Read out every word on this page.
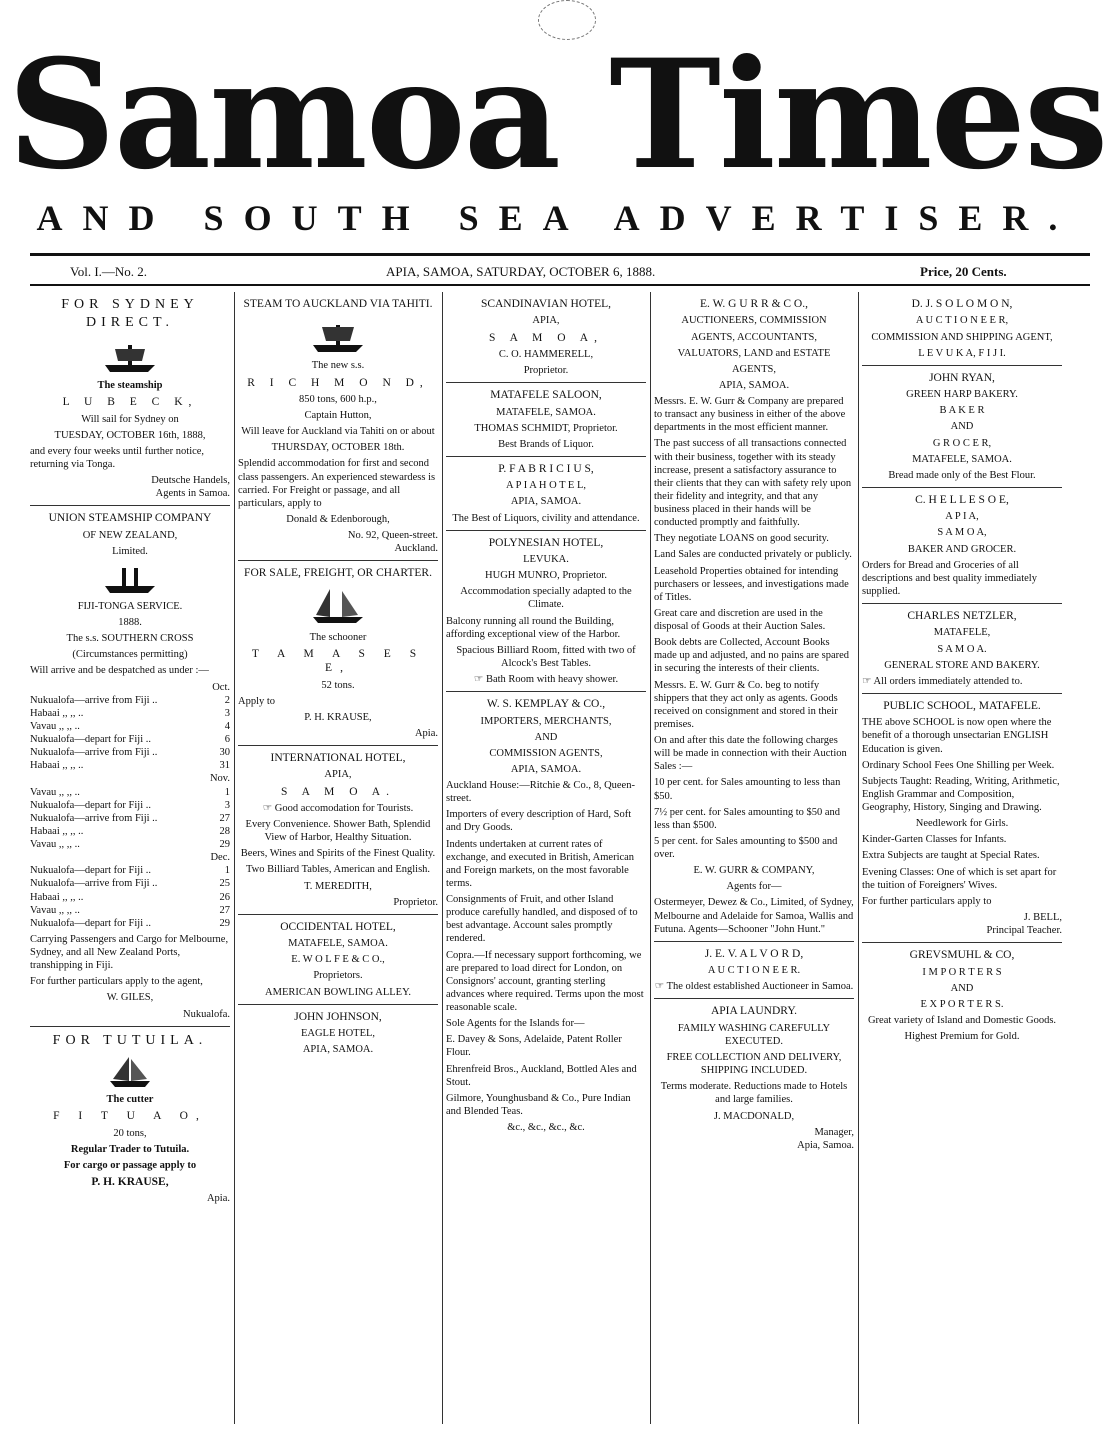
Samoa Times
AND SOUTH SEA ADVERTISER.
Vol. I.—No. 2.	APIA, SAMOA, SATURDAY, OCTOBER 6, 1888.	Price, 20 Cents.
FOR SYDNEY DIRECT.
The steamship
L U B E C K,
Will sail for Sydney on
TUESDAY, OCTOBER 16th, 1888,

and every four weeks until further notice, returning via Tonga.

Deutsche Handels,
Agents in Samoa.
UNION STEAMSHIP COMPANY
OF NEW ZEALAND,
Limited.
FIJI-TONGA SERVICE.
1888.
The s.s. SOUTHERN CROSS
(Circumstances permitting)

Will arrive and be despatched as under :—

Oct.
Nukualofa—arrive from Fiji ..	2
Habaai ,, ,, ..	3
Vavau ,, ,, ..	4
Nukualofa—depart for Fiji ..	6
Nukualofa—arrive from Fiji ..	30
Habaai ,, ,, ..	31
Nov.
Vavau ,, ,, ..	1
Nukualofa—depart for Fiji ..	3
Nukualofa—arrive from Fiji ..	27
Habaai ,, ,, ..	28
Vavau ,, ,, ..	29
Dec.
Nukualofa—depart for Fiji ..	1
Nukualofa—arrive from Fiji ..	25
Habaai ,, ,, ..	26
Vavau ,, ,, ..	27
Nukualofa—depart for Fiji ..	29

Carrying Passengers and Cargo for Melbourne, Sydney, and all New Zealand Ports, transhipping in Fiji.

For further particulars apply to the agent,

W. GILES,
Nukualofa.
FOR TUTUILA.
The cutter
F I T U A O,
20 tons,
Regular Trader to Tutuila.
For cargo or passage apply to
P. H. KRAUSE,
Apia.
STEAM TO AUCKLAND VIA TAHITI.
The new s.s.
R I C H M O N D,
850 tons, 600 h.p.,
Captain Hutton,
Will leave for Auckland via Tahiti on or about
THURSDAY, OCTOBER 18th.

Splendid accommodation for first and second class passengers. An experienced stewardess is carried. For Freight or passage, and all particulars, apply to

Donald & Edenborough,
No. 92, Queen-street.
Auckland.
FOR SALE, FREIGHT, OR CHARTER.
The schooner
T A M A S E S E,
52 tons.

Apply to

P. H. KRAUSE,
Apia.
INTERNATIONAL HOTEL,
APIA,
S A M O A.
☞ Good accomodation for Tourists.
Every Convenience. Shower Bath, Splendid View of Harbor, Healthy Situation.
Beers, Wines and Spirits of the Finest Quality.
Two Billiard Tables, American and English.
T. MEREDITH,
Proprietor.
OCCIDENTAL HOTEL,
MATAFELE, SAMOA.
E. W O L F E & C O.,
Proprietors.
AMERICAN BOWLING ALLEY.
JOHN JOHNSON,
EAGLE HOTEL,
APIA, SAMOA.
SCANDINAVIAN HOTEL,
APIA,
S A M O A,
C. O. HAMMERELL,
Proprietor.
MATAFELE SALOON,
MATAFELE, SAMOA.
THOMAS SCHMIDT, Proprietor.
Best Brands of Liquor.
P. F A B R I C I U S,
A P I A H O T E L,
APIA, SAMOA.
The Best of Liquors, civility and attendance.
POLYNESIAN HOTEL,
LEVUKA.
HUGH MUNRO, Proprietor.
Accommodation specially adapted to the Climate.
Balcony running all round the Building, affording exceptional view of the Harbor.
Spacious Billiard Room, fitted with two of Alcock's Best Tables.
☞ Bath Room with heavy shower.
W. S. KEMPLAY & CO.,
IMPORTERS, MERCHANTS,
AND
COMMISSION AGENTS,
APIA, SAMOA.

Auckland House:—Ritchie & Co., 8, Queen-street.

Importers of every description of Hard, Soft and Dry Goods.

Indents undertaken at current rates of exchange, and executed in British, American and Foreign markets, on the most favorable terms.

Consignments of Fruit, and other Island produce carefully handled, and disposed of to best advantage. Account sales promptly rendered.

Copra.—If necessary support forthcoming, we are prepared to load direct for London, on Consignors' account, granting sterling advances where required. Terms upon the most reasonable scale.

Sole Agents for the Islands for—

E. Davey & Sons, Adelaide, Patent Roller Flour.

Ehrenfreid Bros., Auckland, Bottled Ales and Stout.

Gilmore, Younghusband & Co., Pure Indian and Blended Teas.

&c., &c., &c., &c.
E. W. G U R R & C O.,
AUCTIONEERS, COMMISSION
AGENTS, ACCOUNTANTS,
VALUATORS, LAND and ESTATE
AGENTS,
APIA, SAMOA.

Messrs. E. W. Gurr & Company are prepared to transact any business in either of the above departments in the most efficient manner.

The past success of all transactions connected with their business, together with its steady increase, present a satisfactory assurance to their clients that they can with safety rely upon their fidelity and integrity, and that any business placed in their hands will be conducted promptly and faithfully.

They negotiate LOANS on good security.

Land Sales are conducted privately or publicly.

Leasehold Properties obtained for intending purchasers or lessees, and investigations made of Titles.

Great care and discretion are used in the disposal of Goods at their Auction Sales.

Book debts are Collected, Account Books made up and adjusted, and no pains are spared in securing the interests of their clients.

Messrs. E. W. Gurr & Co. beg to notify shippers that they act only as agents. Goods received on consignment and stored in their premises.

On and after this date the following charges will be made in connection with their Auction Sales :—

10 per cent. for Sales amounting to less than $50.

7½ per cent. for Sales amounting to $50 and less than $500.

5 per cent. for Sales amounting to $500 and over.

E. W. GURR & COMPANY,
Agents for—

Ostermeyer, Dewez & Co., Limited, of Sydney, Melbourne and Adelaide for Samoa, Wallis and Futuna. Agents—Schooner "John Hunt."

J. E. V. A L V O R D,
A U C T I O N E E R.
☞ The oldest established Auctioneer in Samoa.
APIA LAUNDRY.
FAMILY WASHING CAREFULLY EXECUTED.
FREE COLLECTION AND DELIVERY, SHIPPING INCLUDED.
Terms moderate. Reductions made to Hotels and large families.
J. MACDONALD,
Manager,
Apia, Samoa.
D. J. S O L O M O N,
A U C T I O N E E R,
COMMISSION AND SHIPPING AGENT,
L E V U K A, F I J I.
JOHN RYAN,
GREEN HARP BAKERY.
B A K E R
AND
G R O C E R,
MATAFELE, SAMOA.
Bread made only of the Best Flour.
C. H E L L E S O E,
A P I A,
S A M O A,
BAKER AND GROCER.

Orders for Bread and Groceries of all descriptions and best quality immediately supplied.

CHARLES NETZLER,
MATAFELE,
S A M O A.
GENERAL STORE AND BAKERY.

☞ All orders immediately attended to.

PUBLIC SCHOOL, MATAFELE.

THE above SCHOOL is now open where the benefit of a thorough unsectarian ENGLISH Education is given.

Ordinary School Fees One Shilling per Week.

Subjects Taught: Reading, Writing, Arithmetic, English Grammar and Composition, Geography, History, Singing and Drawing.

Needlework for Girls.

Kinder-Garten Classes for Infants.

Extra Subjects are taught at Special Rates.

Evening Classes: One of which is set apart for the tuition of Foreigners' Wives.

For further particulars apply to

J. BELL,
Principal Teacher.
GREVSMUHL & CO,
I M P O R T E R S
AND
E X P O R T E R S.
Great variety of Island and Domestic Goods.
Highest Premium for Gold.
